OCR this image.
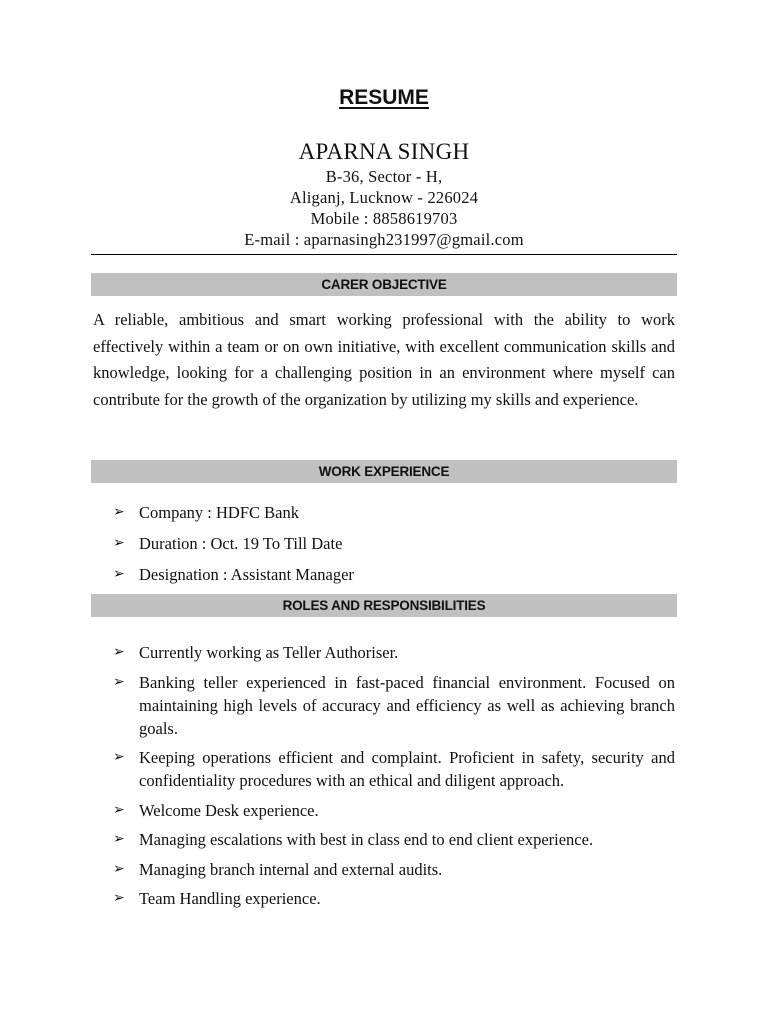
RESUME
APARNA SINGH
B-36, Sector - H,
Aliganj, Lucknow - 226024
Mobile : 8858619703
E-mail : aparnasingh231997@gmail.com
CARER OBJECTIVE

A reliable, ambitious and smart working professional with the ability to work effectively within a team or on own initiative, with excellent communication skills and knowledge, looking for a challenging position in an environment where myself can contribute for the growth of the organization by utilizing my skills and experience.

WORK EXPERIENCE
➢ Company : HDFC Bank
➢ Duration : Oct. 19 To Till Date
➢ Designation : Assistant Manager
ROLES AND RESPONSIBILITIES
➢ Currently working as Teller Authoriser.
➢ Banking teller experienced in fast-paced financial environment. Focused on maintaining high levels of accuracy and efficiency as well as achieving branch goals.
➢ Keeping operations efficient and complaint. Proficient in safety, security and confidentiality procedures with an ethical and diligent approach.
➢ Welcome Desk experience.
➢ Managing escalations with best in class end to end client experience.
➢ Managing branch internal and external audits.
➢ Team Handling experience.
